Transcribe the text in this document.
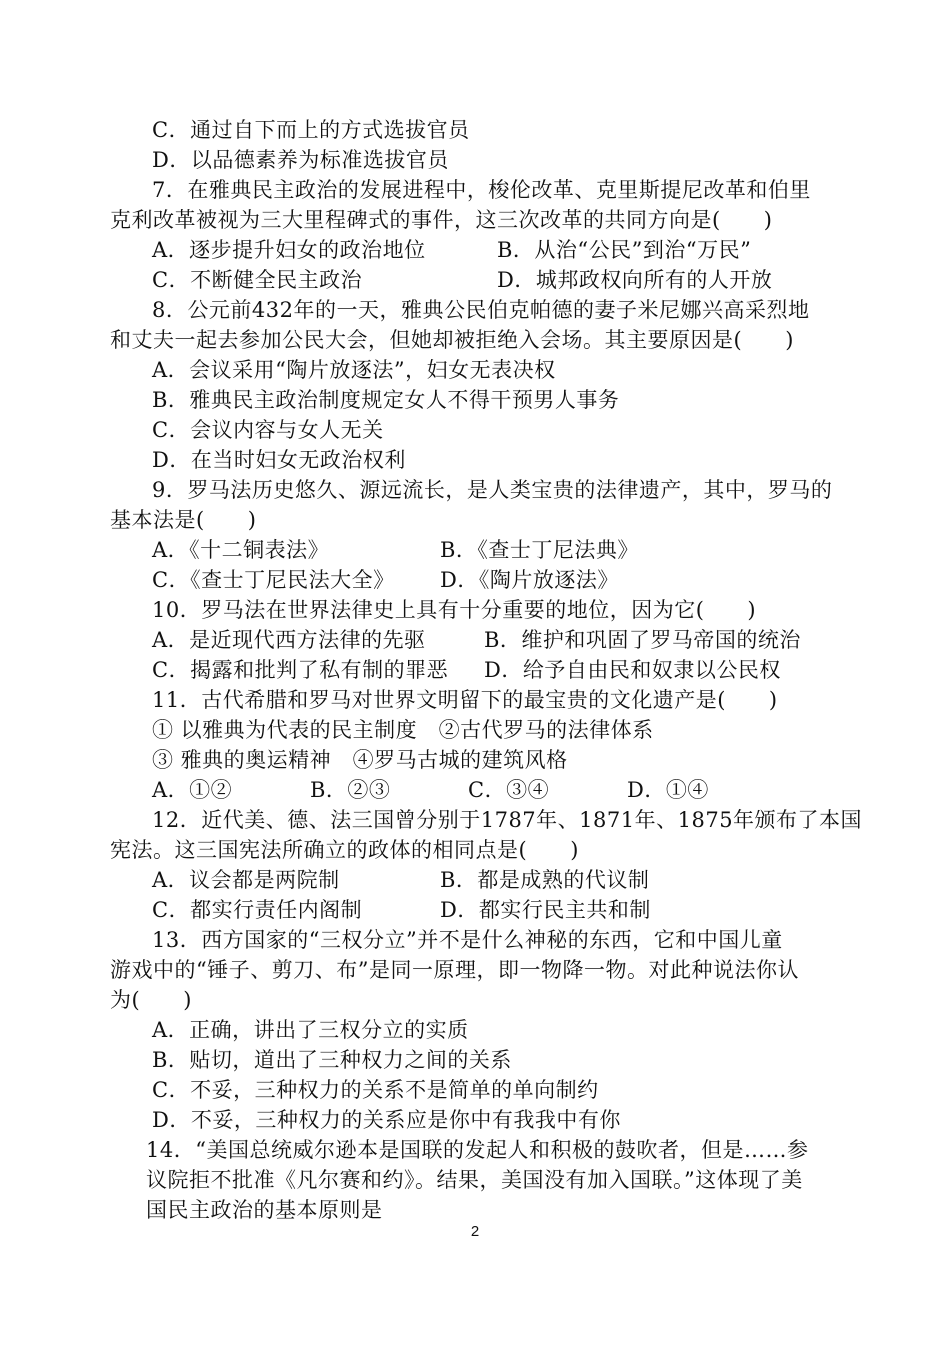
C．通过自下而上的方式选拔官员
D．以品德素养为标准选拔官员
7．在雅典民主政治的发展进程中，梭伦改革、克里斯提尼改革和伯里
克利改革被视为三大里程碑式的事件，这三次改革的共同方向是(　　)
A．逐步提升妇女的政治地位	B．从治“公民”到治“万民”
C．不断健全民主政治	D．城邦政权向所有的人开放
8．公元前432年的一天，雅典公民伯克帕德的妻子米尼娜兴高采烈地
和丈夫一起去参加公民大会，但她却被拒绝入会场。其主要原因是(　　)
A．会议采用“陶片放逐法”，妇女无表决权
B．雅典民主政治制度规定女人不得干预男人事务
C．会议内容与女人无关
D．在当时妇女无政治权利
9．罗马法历史悠久、源远流长，是人类宝贵的法律遗产，其中，罗马的
基本法是(　　)
A．《十二铜表法》	B．《查士丁尼法典》
C．《查士丁尼民法大全》 D．《陶片放逐法》
10．罗马法在世界法律史上具有十分重要的地位，因为它(　　)
A．是近现代西方法律的先驱	B．维护和巩固了罗马帝国的统治
C．揭露和批判了私有制的罪恶 D．给予自由民和奴隶以公民权
11．古代希腊和罗马对世界文明留下的最宝贵的文化遗产是(　　)
① 以雅典为代表的民主制度　②古代罗马的法律体系
③ 雅典的奥运精神　④罗马古城的建筑风格
A．①②	B．②③	C．③④	D．①④
12．近代美、德、法三国曾分别于1787年、1871年、1875年颁布了本国
宪法。这三国宪法所确立的政体的相同点是(　　)
A．议会都是两院制	B．都是成熟的代议制
C．都实行责任内阁制	D．都实行民主共和制
13．西方国家的“三权分立”并不是什么神秘的东西，它和中国儿童
游戏中的“锤子、剪刀、布”是同一原理，即一物降一物。对此种说法你认
为(　　)
A．正确，讲出了三权分立的实质
B．贴切，道出了三种权力之间的关系
C．不妥，三种权力的关系不是简单的单向制约
D．不妥，三种权力的关系应是你中有我我中有你
14．“美国总统威尔逊本是国联的发起人和积极的鼓吹者，但是……参
议院拒不批准《凡尔赛和约》。结果，美国没有加入国联。”这体现了美
国民主政治的基本原则是
2
